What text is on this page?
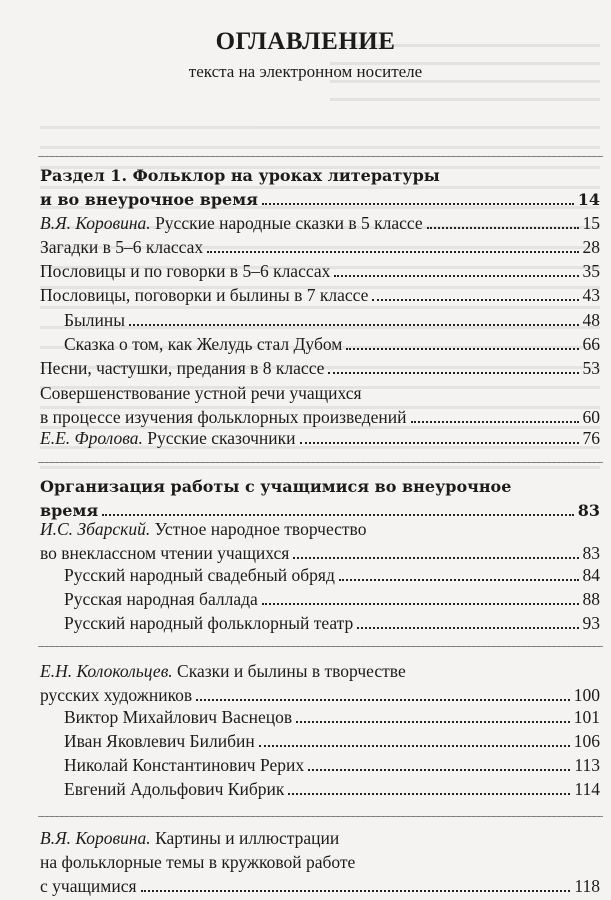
ОГЛАВЛЕНИЕ
текста на электронном носителе
Раздел 1. Фольклор на уроках литературы
и во внеурочное время	14
В.Я. Коровина. Русские народные сказки в 5 классе	15
Загадки в 5–6 классах	28
Пословицы и по говорки в 5–6 классах	35
Пословицы, поговорки и былины в 7 классе	43
Былины	48
Сказка о том, как Желудь стал Дубом	66
Песни, частушки, предания в 8 классе	53
Совершенствование устной речи учащихся
в процессе изучения фольклорных произведений	60
Е.Е. Фролова. Русские сказочники	76
Организация работы с учащимися во внеурочное
время	83
И.С. Збарский. Устное народное творчество
во внеклассном чтении учащихся	83
Русский народный свадебный обряд	84
Русская народная баллада	88
Русский народный фольклорный театр	93
Е.Н. Колокольцев. Сказки и былины в творчестве
русских художников	100
Виктор Михайлович Васнецов	101
Иван Яковлевич Билибин	106
Николай Константинович Рерих	113
Евгений Адольфович Кибрик	114
В.Я. Коровина. Картины и иллюстрации
на фольклорные темы в кружковой работе
с учащимися	118
